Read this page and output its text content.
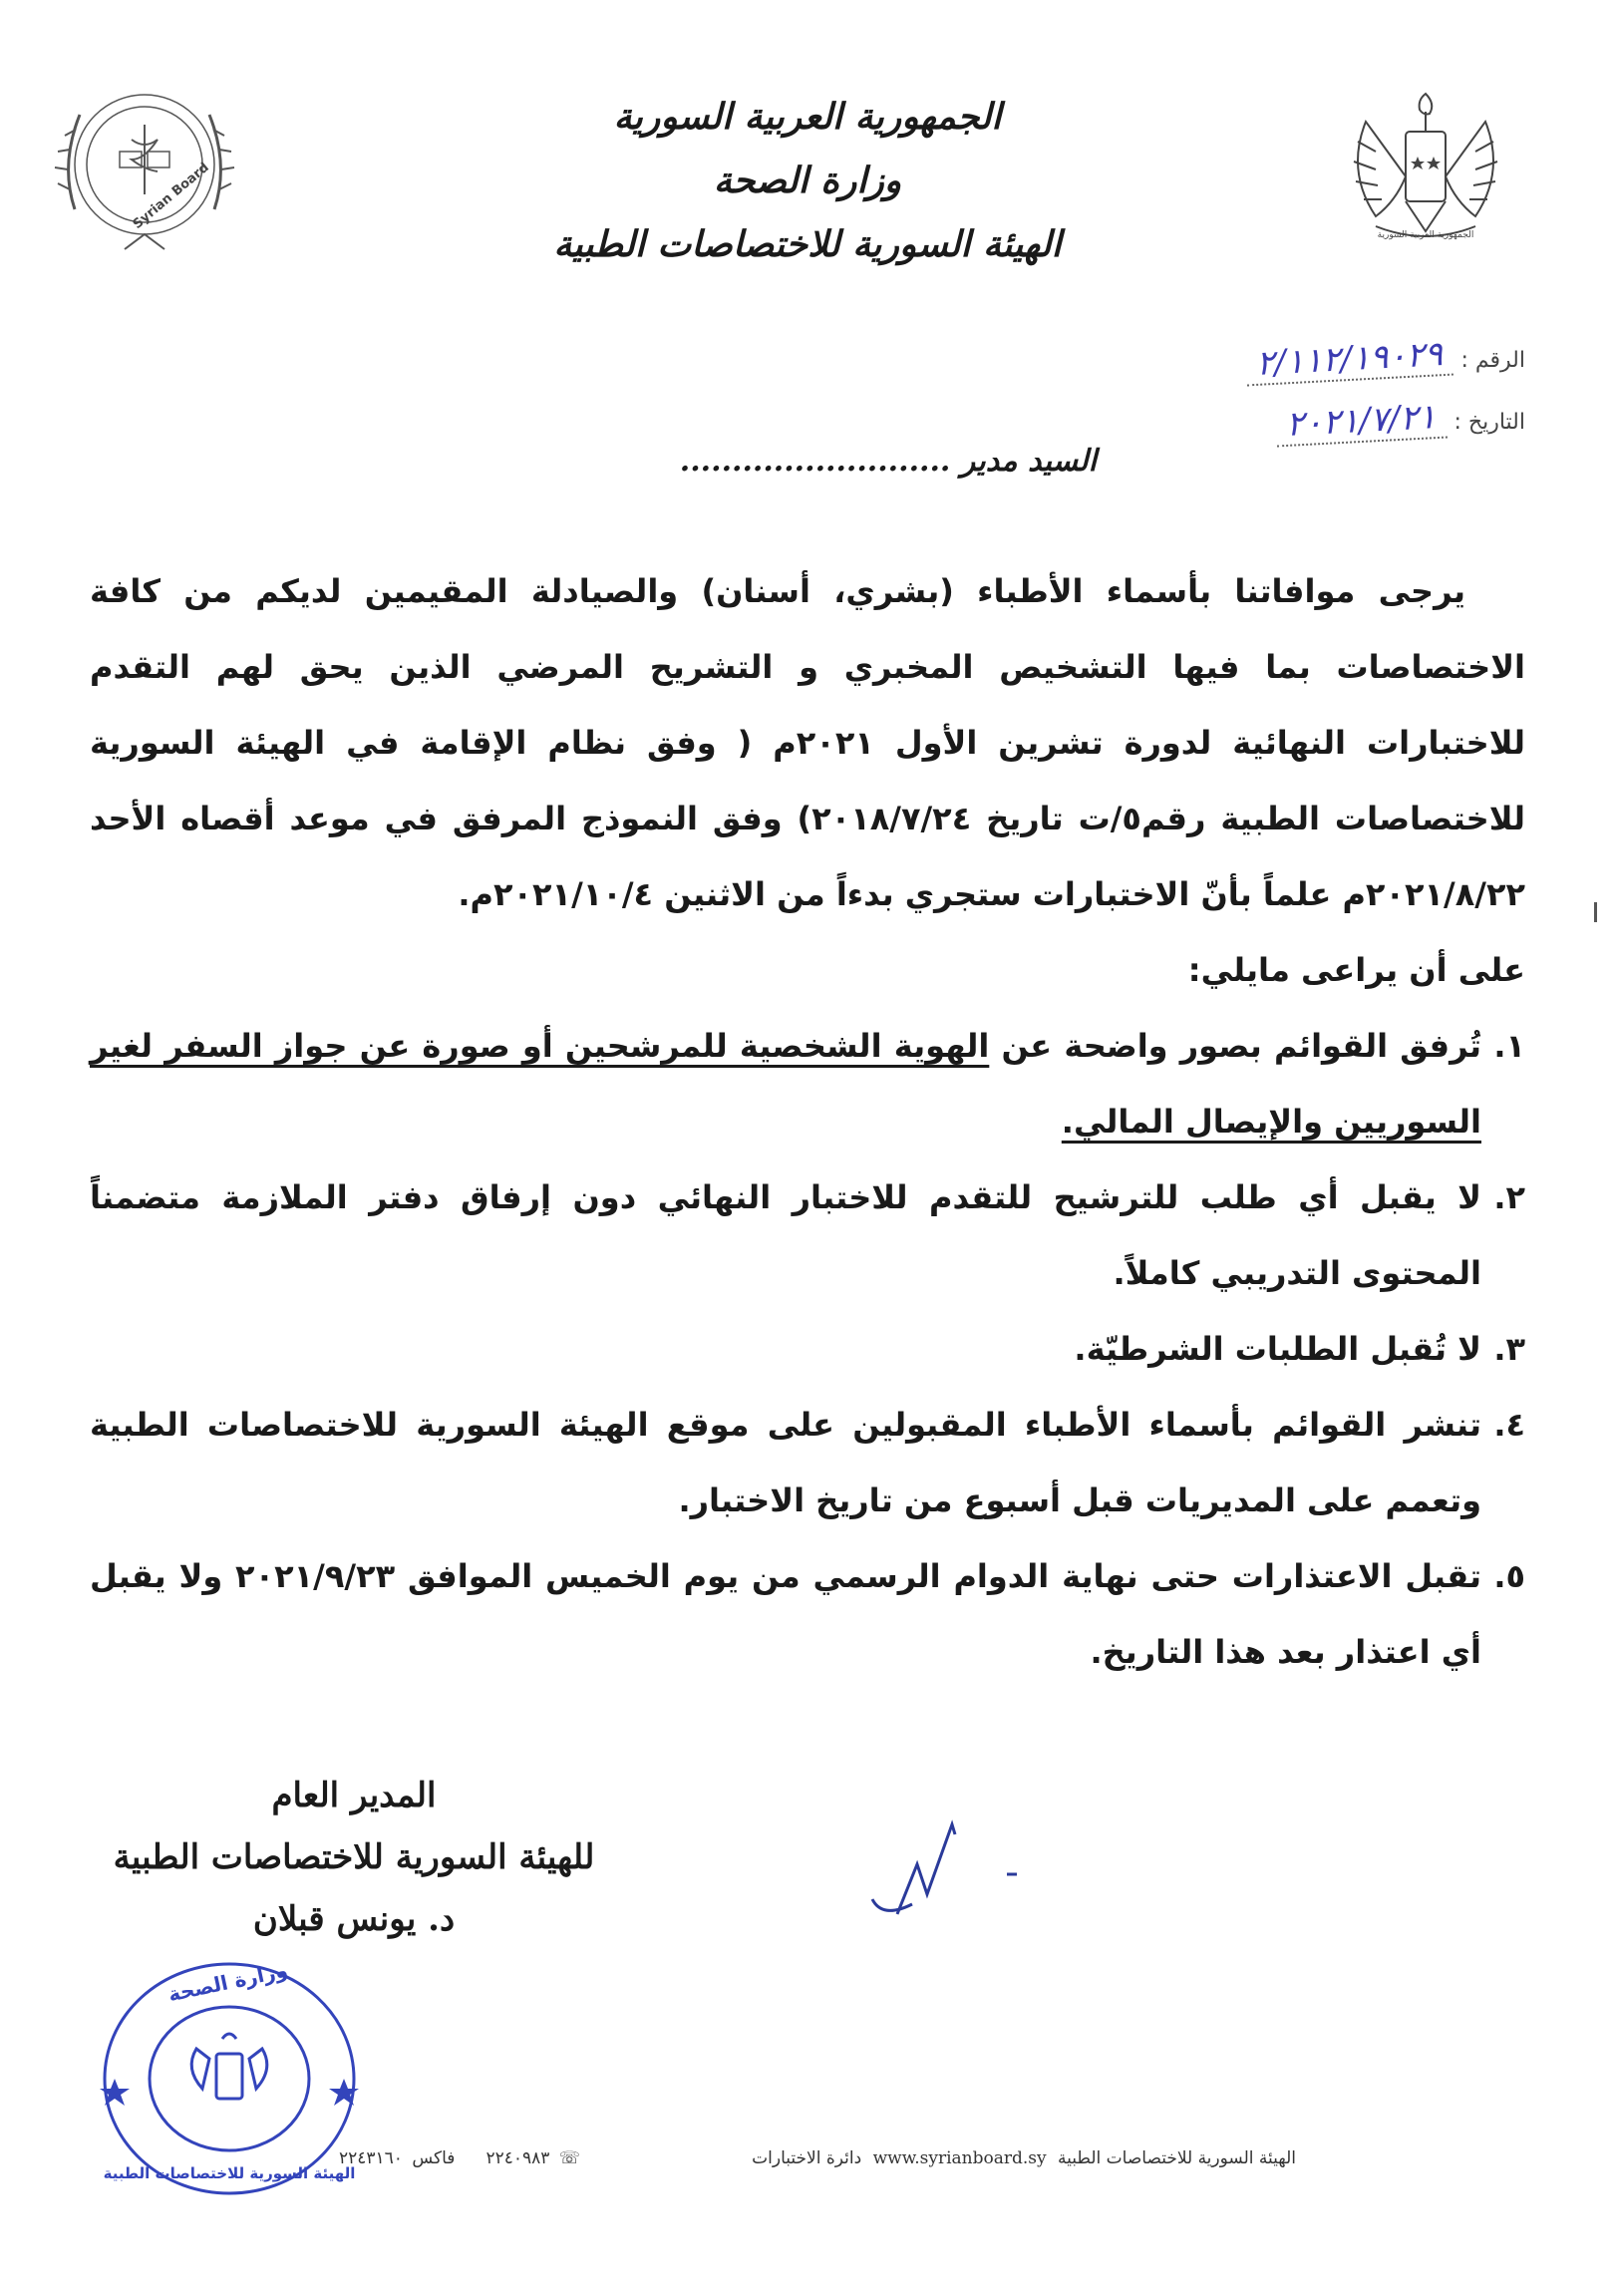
Syrian Board
الجمهورية العربية السورية
وزارة الصحة
الهيئة السورية للاختصاصات الطبية	الجمهورية العربية السورية
الرقم :
٢/١١٢/١٩٠٢٩
التاريخ :
٢٠٢١/٧/٢١
السيد مدير ..........................

يرجى موافاتنا بأسماء الأطباء (بشري، أسنان) والصيادلة المقيمين لديكم من كافة الاختصاصات بما فيها التشخيص المخبري و التشريح المرضي الذين يحق لهم التقدم للاختبارات النهائية لدورة تشرين الأول ٢٠٢١م ( وفق نظام الإقامة في الهيئة السورية للاختصاصات الطبية رقم٥/ت تاريخ ٢٠١٨/٧/٢٤) وفق النموذج المرفق في موعد أقصاه الأحد ٢٠٢١/٨/٢٢م علماً بأنّ الاختبارات ستجري بدءاً من الاثنين ٢٠٢١/١٠/٤م.

على أن يراعى مايلي:

١.
تُرفق القوائم بصور واضحة عن الهوية الشخصية للمرشحين أو صورة عن جواز السفر لغير السوريين والإيصال المالي.
٢.
لا يقبل أي طلب للترشيح للتقدم للاختبار النهائي دون إرفاق دفتر الملازمة متضمناً المحتوى التدريبي كاملاً.
٣.
لا تُقبل الطلبات الشرطيّة.
٤.
تنشر القوائم بأسماء الأطباء المقبولين على موقع الهيئة السورية للاختصاصات الطبية وتعمم على المديريات قبل أسبوع من تاريخ الاختبار.
٥.
تقبل الاعتذارات حتى نهاية الدوام الرسمي من يوم الخميس الموافق ٢٠٢١/٩/٢٣ ولا يقبل أي اعتذار بعد هذا التاريخ.
المدير العام
للهيئة السورية للاختصاصات الطبية
د. يونس قبلان
وزارة الصحة
الهيئة السورية للاختصاصات الطبية
الهيئة السورية للاختصاصات الطبية www.syrianboard.sy دائرة الاختبارات
☏ ٢٢٤٠٩٨٣     فاكس ٢٢٤٣١٦٠
